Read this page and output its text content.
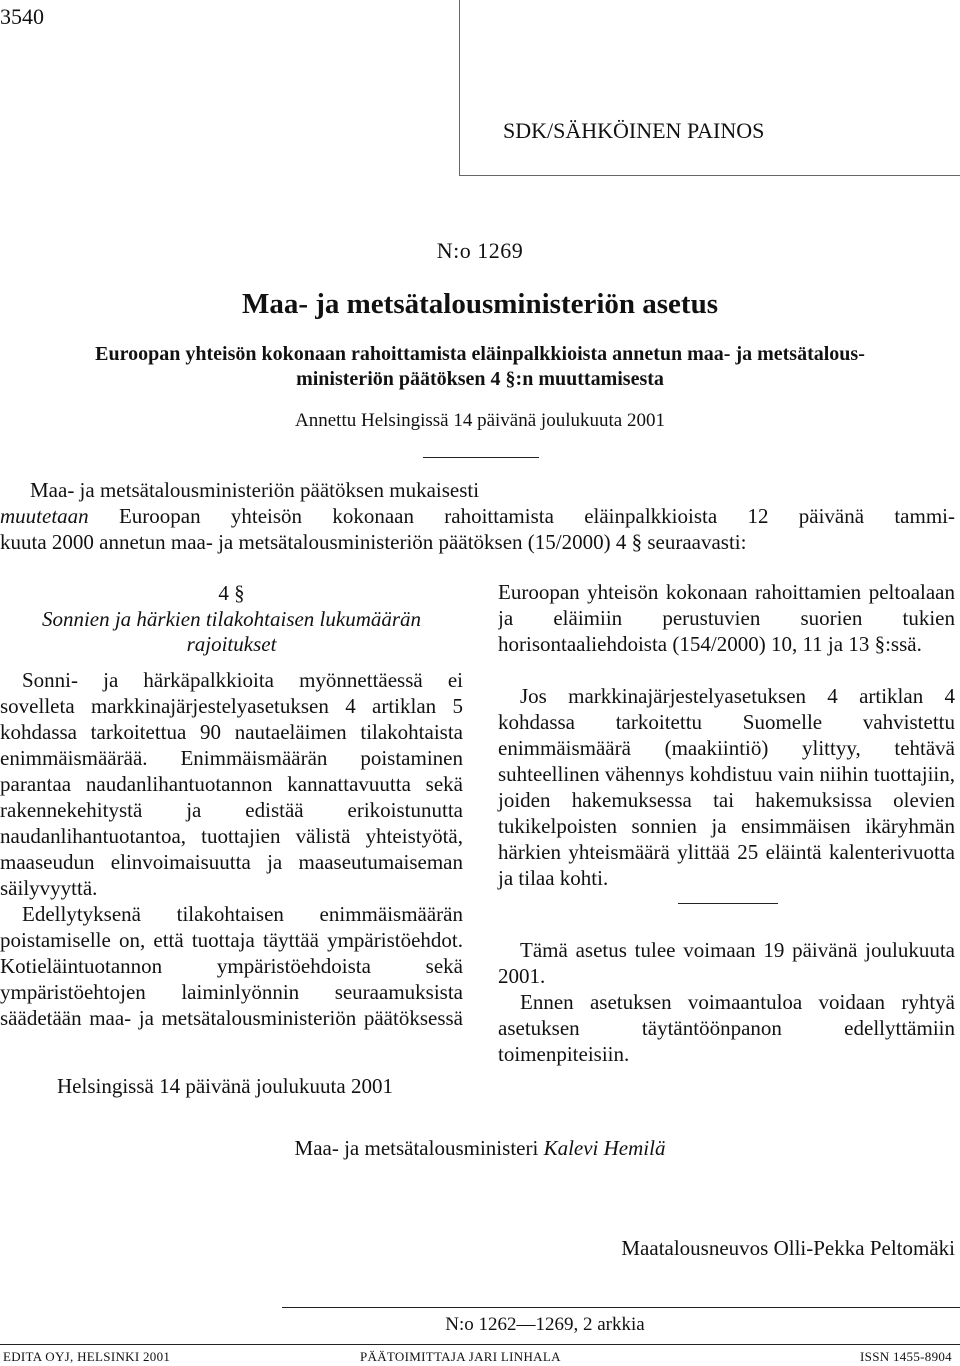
3540
SDK/SÄHKÖINEN PAINOS
N:o 1269
Maa- ja metsätalousministeriön asetus
Euroopan yhteisön kokonaan rahoittamista eläinpalkkioista annetun maa- ja metsätalous-
ministeriön päätöksen 4 §:n muuttamisesta
Annettu Helsingissä 14 päivänä joulukuuta 2001
Maa- ja metsätalousministeriön päätöksen mukaisesti
muutetaan Euroopan yhteisön kokonaan rahoittamista eläinpalkkioista 12 päivänä tammi-
kuuta 2000 annetun maa- ja metsätalousministeriön päätöksen (15/2000) 4 § seuraavasti:
4 §
Sonnien ja härkien tilakohtaisen lukumäärän rajoitukset

Sonni- ja härkäpalkkioita myönnettäessä ei sovelleta markkinajärjestelyasetuksen 4 artiklan 5 kohdassa tarkoitettua 90 nautaeläimen tilakohtaista enimmäismäärää. Enimmäismäärän poistaminen parantaa naudanlihantuotannon kannattavuutta sekä rakennekehitystä ja edistää erikoistunutta naudanlihantuotantoa, tuottajien välistä yhteistyötä, maaseudun elinvoimaisuutta ja maaseutumaiseman säilyvyyttä.

Edellytyksenä tilakohtaisen enimmäismäärän poistamiselle on, että tuottaja täyttää ympäristöehdot. Kotieläintuotannon ympäristöehdoista sekä ympäristöehtojen laiminlyönnin seuraamuksista säädetään maa- ja metsätalousministeriön päätöksessä

Euroopan yhteisön kokonaan rahoittamien peltoalaan ja eläimiin perustuvien suorien tukien horisontaaliehdoista (154/2000) 10, 11 ja 13 §:ssä.

Jos markkinajärjestelyasetuksen 4 artiklan 4 kohdassa tarkoitettu Suomelle vahvistettu enimmäismäärä (maakiintiö) ylittyy, tehtävä suhteellinen vähennys kohdistuu vain niihin tuottajiin, joiden hakemuksessa tai hakemuksissa olevien tukikelpoisten sonnien ja ensimmäisen ikäryhmän härkien yhteismäärä ylittää 25 eläintä kalenterivuotta ja tilaa kohti.

Tämä asetus tulee voimaan 19 päivänä joulukuuta 2001.

Ennen asetuksen voimaantuloa voidaan ryhtyä asetuksen täytäntöönpanon edellyttämiin toimenpiteisiin.

Helsingissä 14 päivänä joulukuuta 2001
Maa- ja metsätalousministeri Kalevi Hemilä
Maatalousneuvos Olli-Pekka Peltomäki
N:o 1262—1269, 2 arkkia
EDITA OYJ, HELSINKI 2001	PÄÄTOIMITTAJA JARI LINHALA	ISSN 1455-8904
